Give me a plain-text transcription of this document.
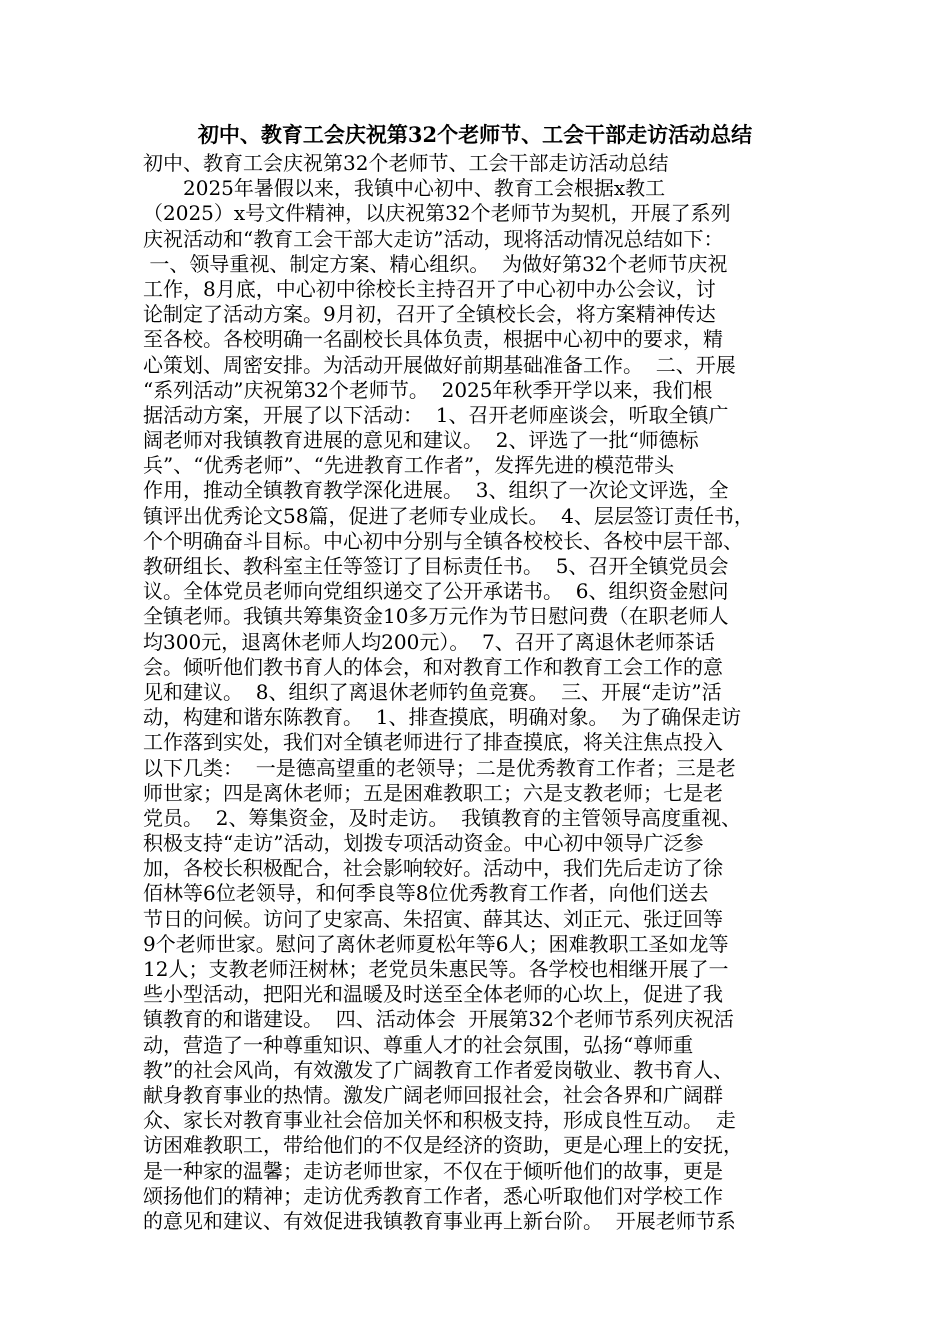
初中、教育工会庆祝第32个老师节、工会干部走访活动总结
初中、教育工会庆祝第32个老师节、工会干部走访活动总结
　　2025年暑假以来，我镇中心初中、教育工会根据x教工
（2025）x号文件精神，以庆祝第32个老师节为契机，开展了系列
庆祝活动和“教育工会干部大走访”活动，现将活动情况总结如下：
一、领导重视、制定方案、精心组织。  为做好第32个老师节庆祝
工作，8月底，中心初中徐校长主持召开了中心初中办公会议，讨
论制定了活动方案。9月初，召开了全镇校长会，将方案精神传达
至各校。各校明确一名副校长具体负责，根据中心初中的要求，精
心策划、周密安排。为活动开展做好前期基础准备工作。  二、开展
“系列活动”庆祝第32个老师节。  2025年秋季开学以来，我们根
据活动方案，开展了以下活动：  1、召开老师座谈会，听取全镇广
阔老师对我镇教育进展的意见和建议。  2、评选了一批“师德标
兵”、“优秀老师”、“先进教育工作者”，发挥先进的模范带头
作用，推动全镇教育教学深化进展。  3、组织了一次论文评选，全
镇评出优秀论文58篇，促进了老师专业成长。  4、层层签订责任书，
个个明确奋斗目标。中心初中分别与全镇各校校长、各校中层干部、
教研组长、教科室主任等签订了目标责任书。  5、召开全镇党员会
议。全体党员老师向党组织递交了公开承诺书。  6、组织资金慰问
全镇老师。我镇共筹集资金10多万元作为节日慰问费（在职老师人
均300元，退离休老师人均200元）。  7、召开了离退休老师茶话
会。倾听他们教书育人的体会，和对教育工作和教育工会工作的意
见和建议。  8、组织了离退休老师钓鱼竞赛。  三、开展“走访”活
动，构建和谐东陈教育。  1、排查摸底，明确对象。  为了确保走访
工作落到实处，我们对全镇老师进行了排查摸底，将关注焦点投入
以下几类：  一是德高望重的老领导；二是优秀教育工作者；三是老
师世家；四是离休老师；五是困难教职工；六是支教老师；七是老
党员。  2、筹集资金，及时走访。  我镇教育的主管领导高度重视、
积极支持“走访”活动，划拨专项活动资金。中心初中领导广泛参
加，各校长积极配合，社会影响较好。活动中，我们先后走访了徐
佰林等6位老领导，和何季良等8位优秀教育工作者，向他们送去
节日的问候。访问了史家高、朱招寅、薛其达、刘正元、张迂回等
9个老师世家。慰问了离休老师夏松年等6人；困难教职工圣如龙等
12人；支教老师汪树林；老党员朱惠民等。各学校也相继开展了一
些小型活动，把阳光和温暖及时送至全体老师的心坎上，促进了我
镇教育的和谐建设。  四、活动体会  开展第32个老师节系列庆祝活
动，营造了一种尊重知识、尊重人才的社会氛围，弘扬“尊师重
教”的社会风尚，有效激发了广阔教育工作者爱岗敬业、教书育人、
献身教育事业的热情。激发广阔老师回报社会，社会各界和广阔群
众、家长对教育事业社会倍加关怀和积极支持，形成良性互动。  走
访困难教职工，带给他们的不仅是经济的资助，更是心理上的安抚，
是一种家的温馨；走访老师世家，不仅在于倾听他们的故事，更是
颂扬他们的精神；走访优秀教育工作者，悉心听取他们对学校工作
的意见和建议、有效促进我镇教育事业再上新台阶。  开展老师节系
